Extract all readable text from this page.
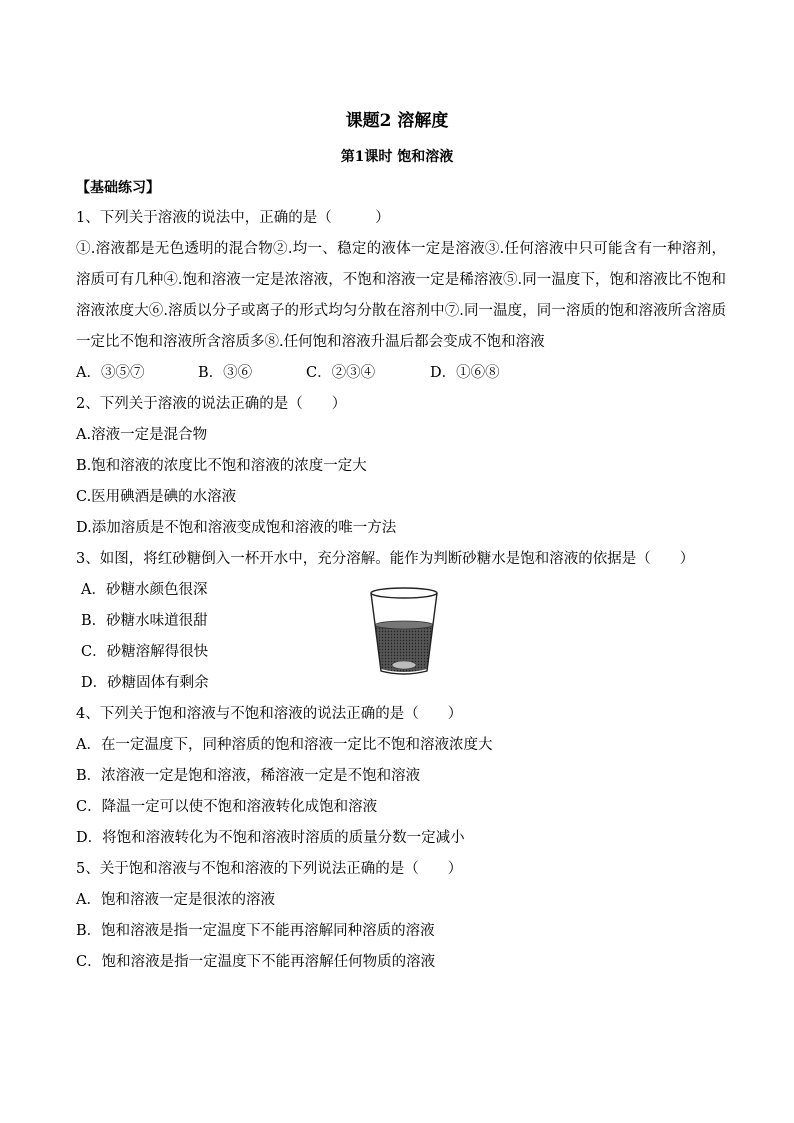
课题2 溶解度
第1课时 饱和溶液
【基础练习】
1、下列关于溶液的说法中，正确的是（　　　）
①.溶液都是无色透明的混合物②.均一、稳定的液体一定是溶液③.任何溶液中只可能含有一种溶剂，溶质可有几种④.饱和溶液一定是浓溶液，不饱和溶液一定是稀溶液⑤.同一温度下，饱和溶液比不饱和溶液浓度大⑥.溶质以分子或离子的形式均匀分散在溶剂中⑦.同一温度，同一溶质的饱和溶液所含溶质一定比不饱和溶液所含溶质多⑧.任何饱和溶液升温后都会变成不饱和溶液
A．③⑤⑦	B．③⑥	C．②③④	D．①⑥⑧
2、下列关于溶液的说法正确的是（　　）
A.溶液一定是混合物
B.饱和溶液的浓度比不饱和溶液的浓度一定大
C.医用碘酒是碘的水溶液
D.添加溶质是不饱和溶液变成饱和溶液的唯一方法
3、如图，将红砂糖倒入一杯开水中，充分溶解。能作为判断砂糖水是饱和溶液的依据是（　　）
A．砂糖水颜色很深
B．砂糖水味道很甜
C．砂糖溶解得很快
D．砂糖固体有剩余
4、下列关于饱和溶液与不饱和溶液的说法正确的是（　　）
A．在一定温度下，同种溶质的饱和溶液一定比不饱和溶液浓度大
B．浓溶液一定是饱和溶液，稀溶液一定是不饱和溶液
C．降温一定可以使不饱和溶液转化成饱和溶液
D．将饱和溶液转化为不饱和溶液时溶质的质量分数一定减小
5、关于饱和溶液与不饱和溶液的下列说法正确的是（　　）
A．饱和溶液一定是很浓的溶液
B．饱和溶液是指一定温度下不能再溶解同种溶质的溶液
C．饱和溶液是指一定温度下不能再溶解任何物质的溶液
